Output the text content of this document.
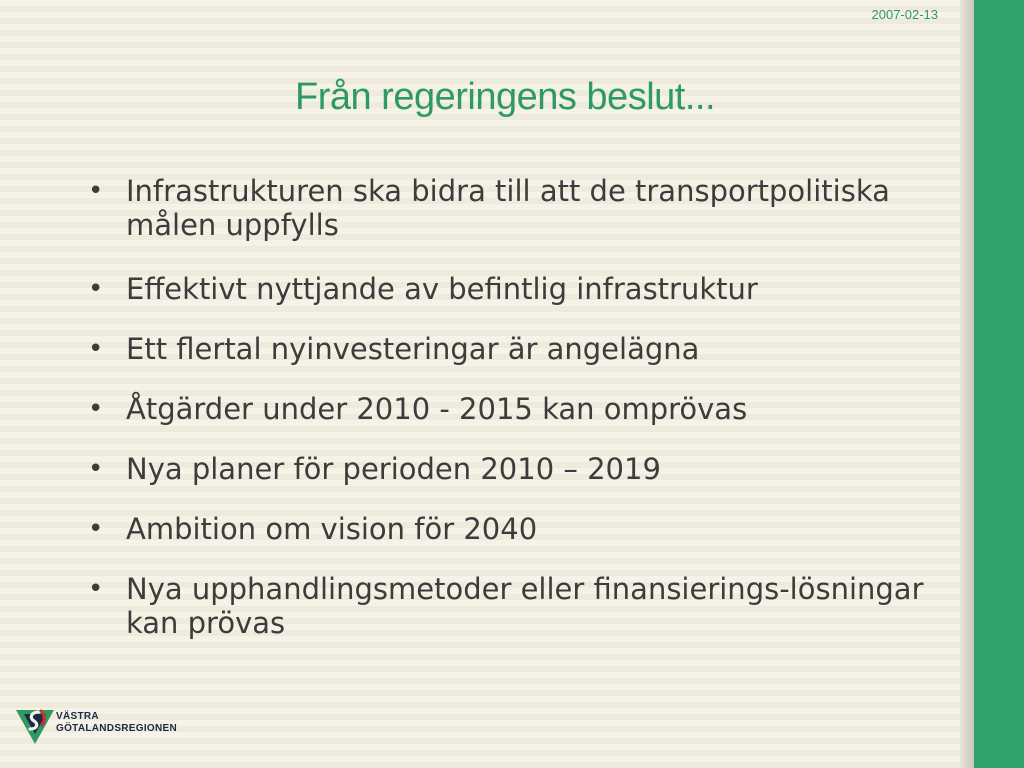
2007-02-13
Från regeringens beslut...
• Infrastrukturen ska bidra till att de transportpolitiska målen uppfylls
• Effektivt nyttjande av befintlig infrastruktur
• Ett flertal nyinvesteringar är angelägna
• Åtgärder under 2010 - 2015 kan omprövas
• Nya planer för perioden 2010 – 2019
• Ambition om vision för 2040
• Nya upphandlingsmetoder eller finansierings-lösningar kan prövas
VÄSTRA
GÖTALANDSREGIONEN
